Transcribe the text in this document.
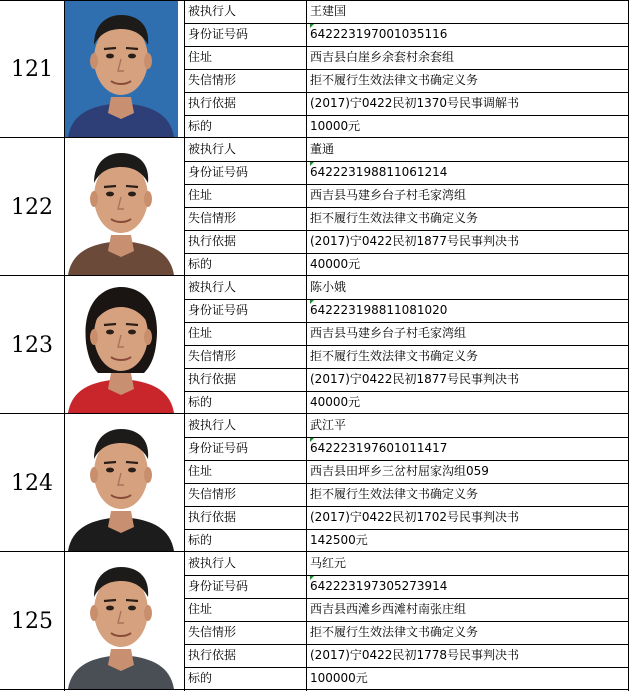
121
被执行人	王建国
身份证号码	642223197001035116
住址	西吉县白崖乡余套村余套组
失信情形	拒不履行生效法律文书确定义务
执行依据	(2017)宁0422民初1370号民事调解书
标的	10000元
122
被执行人	董通
身份证号码	642223198811061214
住址	西吉县马建乡台子村毛家湾组
失信情形	拒不履行生效法律文书确定义务
执行依据	(2017)宁0422民初1877号民事判决书
标的	40000元
123
被执行人	陈小娥
身份证号码	642223198811081020
住址	西吉县马建乡台子村毛家湾组
失信情形	拒不履行生效法律文书确定义务
执行依据	(2017)宁0422民初1877号民事判决书
标的	40000元
124
被执行人	武江平
身份证号码	642223197601011417
住址	西吉县田坪乡三岔村屈家沟组059
失信情形	拒不履行生效法律文书确定义务
执行依据	(2017)宁0422民初1702号民事判决书
标的	142500元
125
被执行人	马红元
身份证号码	642223197305273914
住址	西吉县西滩乡西滩村南张庄组
失信情形	拒不履行生效法律文书确定义务
执行依据	(2017)宁0422民初1778号民事判决书
标的	100000元
